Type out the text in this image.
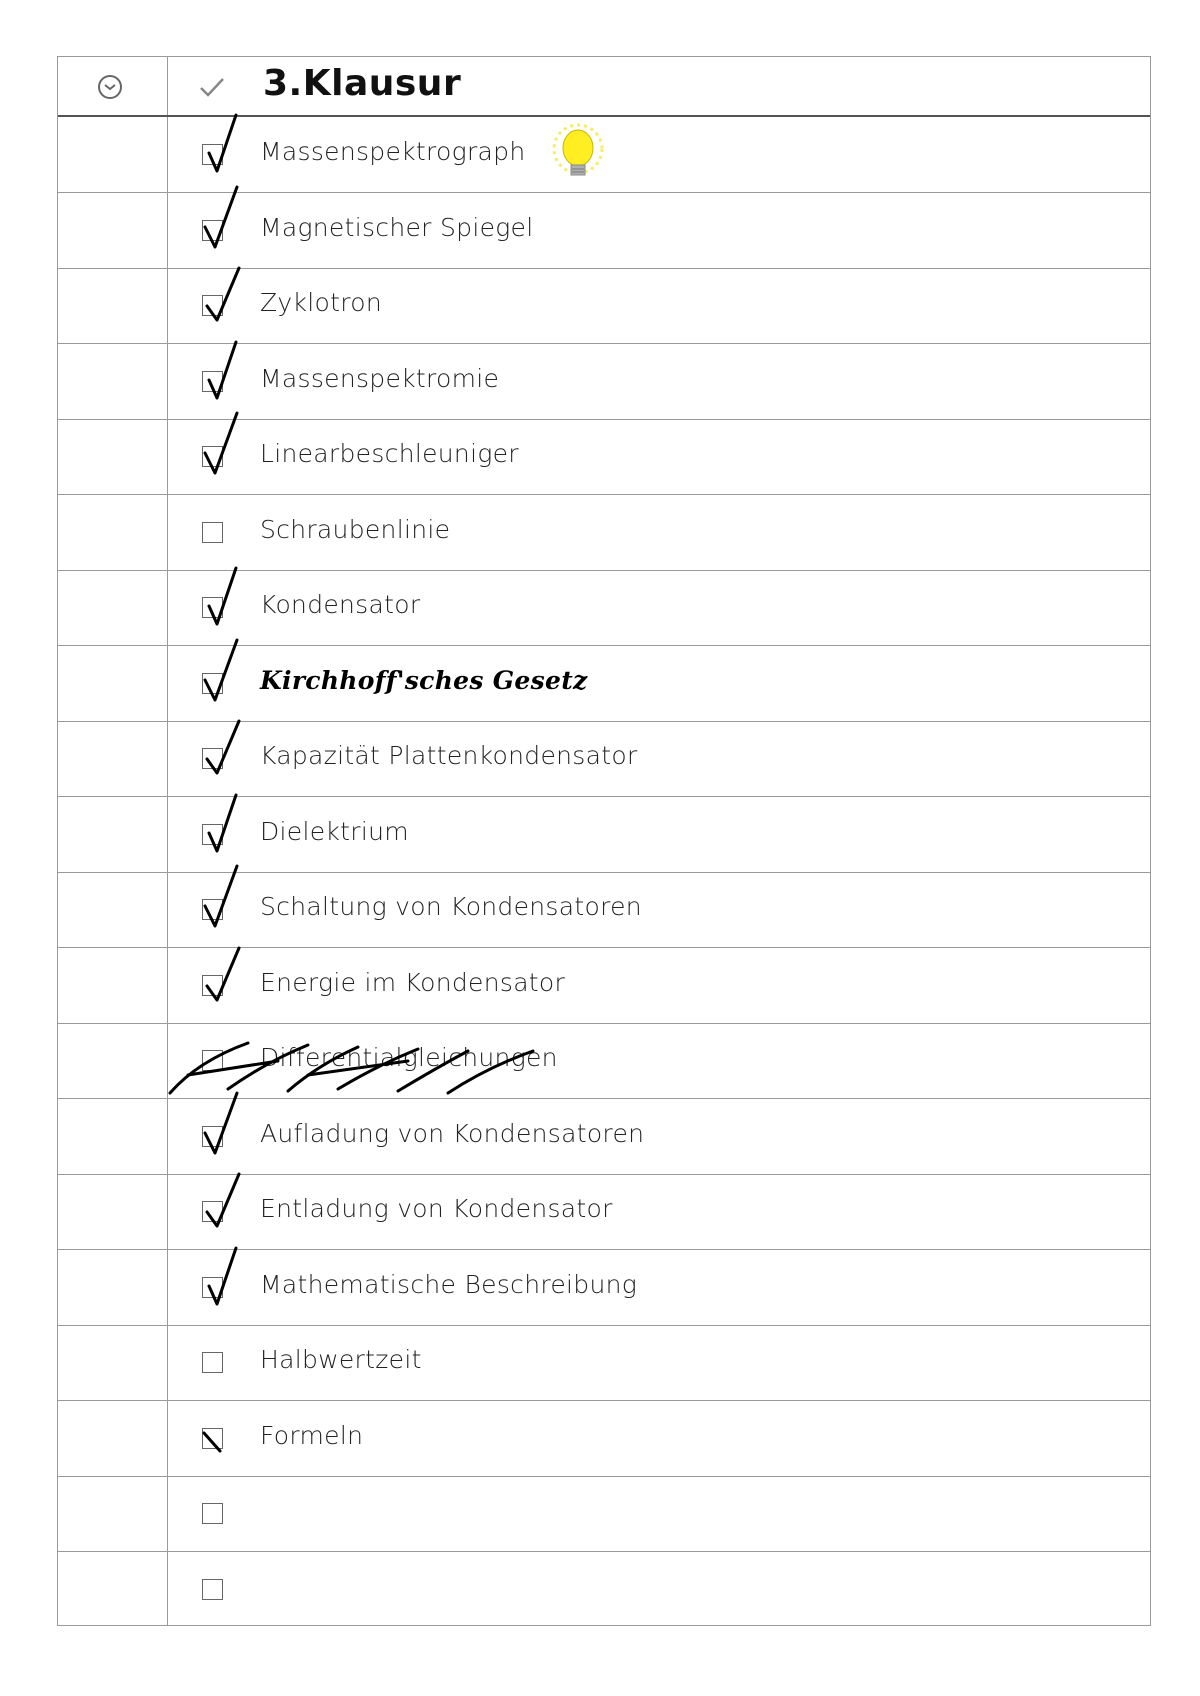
3.Klausur
Massenspektrograph
Magnetischer Spiegel
Zyklotron
Massenspektromie
Linearbeschleuniger
Schraubenlinie
Kondensator
Kirchhoff'sches Gesetz
Kapazität Plattenkondensator
Dielektrium
Schaltung von Kondensatoren
Energie im Kondensator
Differentialgleichungen
Aufladung von Kondensatoren
Entladung von Kondensator
Mathematische Beschreibung
Halbwertzeit
Formeln
